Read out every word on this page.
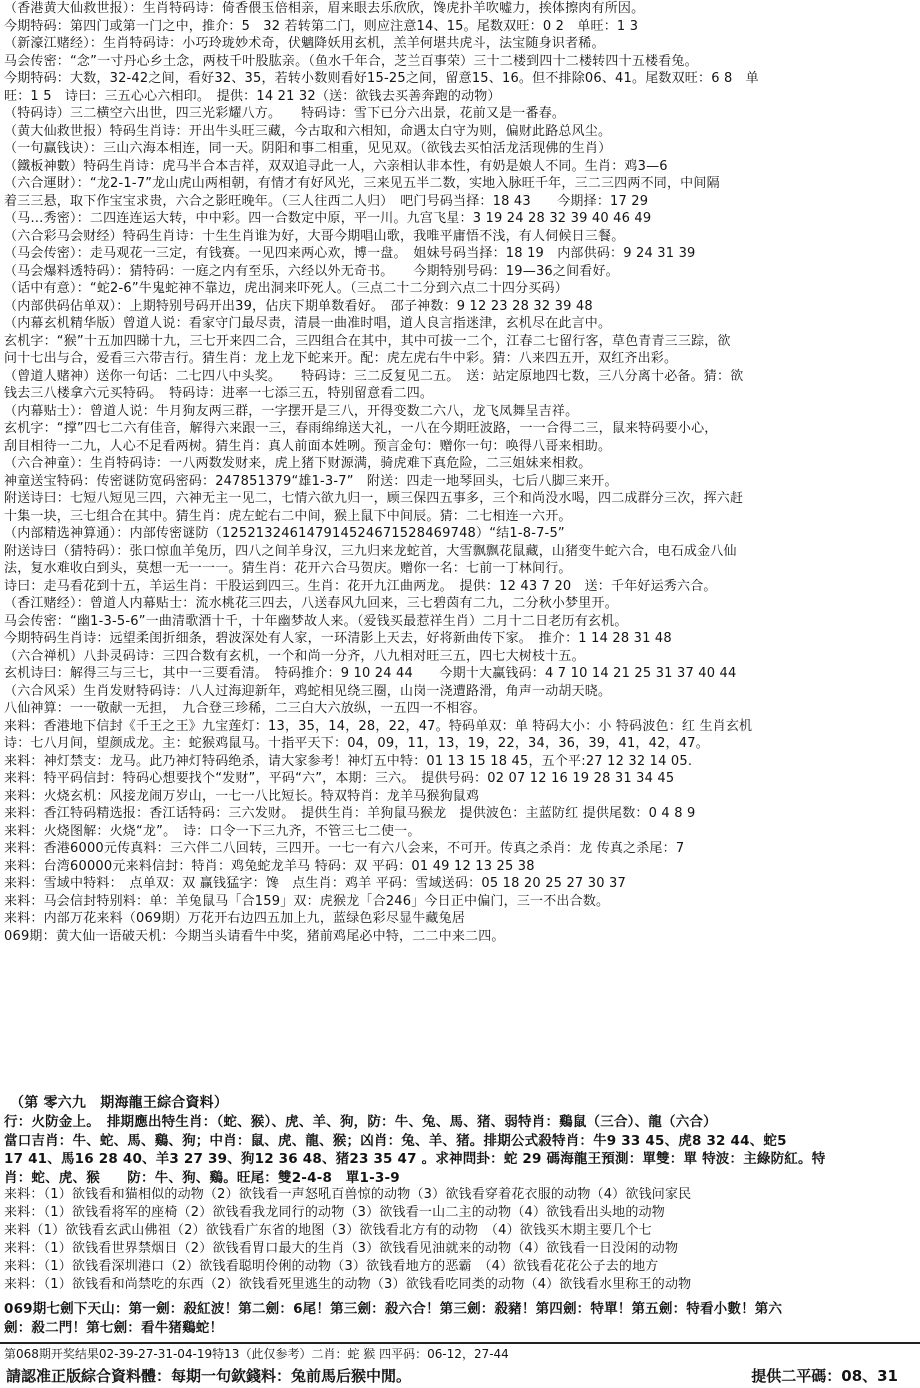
（香港黄大仙救世报）：生肖特码诗：倚香偎玉倍相亲，眉来眼去乐欣欣，馋虎扑羊吹嘘力，挨体擦肉有所因。
今期特码：第四门或第一门之中，推介：5　32 若转第二门，则应注意14、15。尾数双旺：0 2　单旺：1 3
（新濠江赌经）：生肖特码诗：小巧玲珑妙术奇，伏魑降妖用玄机，羔羊何堪共虎斗，法宝随身识者稀。
马会传密：“念”一寸丹心乡土念，两枝千叶股肱亲。（鱼水千年合，芝兰百事荣）三十二楼到四十二楼转四十五楼看兔。
今期特码：大数，32-42之间，看好32、35，若转小数则看好15-25之间，留意15、16。但不排除06、41。尾数双旺：6 8　单
旺：1 5　诗曰：三五心心六相印。　提供：14 21 32（送：欲钱去买善奔跑的动物）
（特码诗）三二横空六出世，四三光彩耀八方。　　特码诗：雪下已分六出景，花前又是一番春。
（黄大仙救世报）特码生肖诗：开出牛头旺三藏，今古取和六相知，命遇太白守为则，偏财此路总风尘。
（一句赢钱诀）：三山六海本相连，同一天。阴阳和事二相重，见见双。（欲钱去买怕活龙活现佛的生肖）
（鐵板神數）特码生肖诗：虎马半合本吉祥，双双追寻此一人，六亲相认非本性，有奶是娘人不同。生肖：鸡3—6
（六合運財）：“龙2-1-7”龙山虎山两相朝，有情才有好风光，三来见五半二数，实地入脉旺千年，三二三四两不同，中间隔
着三三悬，取下作宝宝求贵，六合之影旺晚年。（三人往西二人归）　吧门号码当择：18 43　　今期择：17 29
（马…秀密）：二四连连运大转，中中彩。四一合数定中原，平一川。九宫飞星：3 19 24 28 32 39 40 46 49
（六合彩马会财经）特码生肖诗：十生生肖谁为好，大哥今期唱山歌，我唯平庸悟不浅，有人伺候日三餐。
（马会传密）：走马观花一三定，有钱赛。一见四来两心欢，博一盘。　姐妹号码当择：18 19　内部供码：9 24 31 39
（马会爆料透特码）：猜特码：一庭之内有至乐，六经以外无奇书。　　今期特别号码：19—36之间看好。
（话中有意）：“蛇2-6”牛鬼蛇神不靠边，虎出洞来吓死人。（三点二十二分到六点二十四分买码）
（内部供码佔单双）：上期特别号码开出39，佔庆下期单数看好。　邵子神数：9 12 23 28 32 39 48
（内幕玄机精华版）曾道人说：看家守门最尽责，清晨一曲准时唱，道人良言指迷津，玄机尽在此言中。
玄机字：“猴”十五加四睇十九，三七开来四二合，三四组合在其中，其中可拔一二个，江春二七留行客，草色青青三三踪，欲
问十七出与合，爱看三六带吉行。猜生肖：龙上龙下蛇来开。配：虎左虎右牛中彩。猜：八来四五开，双红齐出彩。
（曾道人赌神）送你一句话：二七四八中头奖。　　特码诗：三二反复见二五。　送：站定原地四七数，三八分离十必备。猜：欲
钱去三八楼拿六元买特码。　特码诗：进率一七添三五，特别留意看二四。
（内幕贴士）：曾道人说：牛月狗友两三群，一字摆开是三八，开得变数二六八，龙飞凤舞呈吉祥。
玄机字：“撑”四七二六有佳音，解得六来跟一三，春雨绵绵送大礼，一八在今期旺波路，一一合得二三，鼠来特码要小心，
刮目相待一二九，人心不足看两树。猜生肖：真人前面本姓咧。预言金句：赠你一句：唤得八哥来相助。
（六合神童）：生肖特码诗：一八两数发财来，虎上猪下财源满，骑虎难下真危险，二三姐妹来相救。
神童送宝特码：传密谜防宽码密码：247851379“雄1-3-7”　附送：四走一地琴回头，七后八脚三来开。
附送诗曰：七短八短见三四，六神无主一见二，七情六欲九归一，顾三保四五事多，三个和尚没水喝，四二成群分三次，挥六赶
十集一块，三七组合在其中。猜生肖：虎左蛇右二中间，猴上鼠下中间辰。猜：二七相连一六开。
（内部精选神算通）：内部传密谜防（125213246147914524671528469748）“结1-8-7-5”
附送诗曰（猜特码）：张口惊血羊兔历，四八之间羊身汉，三九归来龙蛇首，大雪飘飘花鼠藏，山猪变牛蛇六合，电石成金八仙
法，复水难收白到头，莫想一无一一一。猜生肖：花开六合马贺庆。赠你一名：七前一丁林间行。
诗曰：走马看花到十五，羊运生肖：干股运到四三。生肖：花开九江曲两龙。　提供：12 43 7 20　送：千年好运秀六合。
（香江赌经）：曾道人内幕贴士：流水桃花三四去，八送春风九回来，三七碧茵有二九，二分秋小梦里开。
马会传密：“幽1-3-5-6”一曲清歌酒十千，十年幽梦故人来。（爱钱买最惹祥生肖）二月十二日老历有玄机。
今期特码生肖诗：远望柔闺折细条，碧波深处有人家，一环清影上天去，好将新曲传下家。　推介：1 14 28 31 48
（六合禅机）八卦灵码诗：三四合数有玄机，一个和尚一分齐，八九相对旺三五，四七大树枝十五。
玄机诗曰：解得三与三七，其中一三要看清。　特码推介：9 10 24 44　　今期十大赢钱码：4 7 10 14 21 25 31 37 40 44
（六合风采）生肖发财特码诗：八人过海迎新年，鸡蛇相见绕三圈，山岗一浇遭路滑，角声一动胡天晓。
八仙神算：一一敬献一无担，　九合登三珍稀，二三白大六放纵，一五四一不相容。
来料：香港地下信封《千王之王》九宝莲灯：13，35，14，28，22，47。特码单双：单 特码大小：小 特码波色：红 生肖玄机
诗：七八月间，望颜成龙。主：蛇猴鸡鼠马。十指平天下：04，09，11，13，19，22，34，36，39，41，42，47。
来料：神灯禁支：龙马。此乃神灯特码绝杀，请大家参考！神灯五中特：01 13 15 18 45，五个平:27 12 32 14 05.
来料：特平码信封：特码心想要找个“发财”，平码“六”，本期：三六。　提供号码：02 07 12 16 19 28 31 34 45
来料：火烧玄机：风接龙闹万岁山，一七一八比短长。特双特肖：龙羊马猴狗鼠鸡
来料：香江特码精选报：香江话特码：三六发财。　提供生肖：羊狗鼠马猴龙　提供波色：主蓝防红 提供尾数：0 4 8 9
来料：火烧图解：火烧“龙”。　诗：口令一下三九齐，不管三七二使一。
来料：香港6000元传真料：三六伴二八回转，三四开。一七一有六八会来，不可开。传真之杀肖：龙 传真之杀尾：7
来料：台湾60000元来料信封：特肖：鸡兔蛇龙羊马 特码：双 平码：01 49 12 13 25 38
来料：雪域中特料：　点单双：双 赢钱猛字：馋　点生肖：鸡羊 平码：雪域送码：05 18 20 25 27 30 37
来料：马会信封特别料：单：羊兔鼠马「合159」双：虎猴龙「合246」今日正中偏门，三一不出合数。
来料：内部万花来料（069期）万花开右边四五加上九，蓝绿色彩尽显牛藏兔居
069期：黄大仙一语破天机：今期当头请看牛中奖，猪前鸡尾必中特，二二中来二四。
（第 零六九　期海龍王綜合資料）
行：火防金上。　排期應出特生肖：（蛇、猴）、虎、羊、狗，防：牛、兔、馬、猪、弱特肖：鷄鼠（三合）、龍（六合）
當口吉肖：牛、蛇、馬、鷄、狗；中肖：鼠、虎、龍、猴；凶肖：兔、羊、猪。排期公式殺特肖：牛9 33 45、虎8 32 44、蛇5
17 41、馬16 28 40、羊3 27 39、狗12 36 48、猪23 35 47 。求神問卦：蛇 29 碼海龍王預測：單雙：單 特波：主綠防紅。特
肖：蛇、虎、猴　　防：牛、狗、鷄。旺尾：雙2-4-8　單1-3-9
来料：（1）欲钱看和猫相似的动物（2）欲钱看一声怒吼百兽惊的动物（3）欲钱看穿着花衣服的动物（4）欲钱问家民
来料：（1）欲钱看将军的座椅（2）欲钱看我龙同行的动物（3）欲钱看一山二主的动物（4）欲钱看出头地的动物
来料（1）欲钱看玄武山佛祖（2）欲钱看广东省的地图（3）欲钱看北方有的动物　（4）欲钱买木期主要几个七
来料：（1）欲钱看世界禁烟日（2）欲钱看胃口最大的生肖（3）欲钱看见油就来的动物（4）欲钱看一日没闲的动物
来料：（1）欲钱看深圳港口（2）欲钱看聪明伶俐的动物（3）欲钱看地方的恶霸　（4）欲钱看花花公子去的地方
来料：（1）欲钱看和尚禁吃的东西（2）欲钱看死里逃生的动物（3）欲钱看吃同类的动物（4）欲钱看水里称王的动物
069期七劍下天山：第一劍：殺紅波！第二劍：6尾！第三劍：殺六合！第三劍：殺豬！第四劍：特單！第五劍：特看小數！第六
劍：殺二門！第七劍：看牛猪鷄蛇！
第068期开奖结果02-39-27-31-04-19特13（此仅参考）二肖：蛇 猴 四平码：06-12，27-44
請認准正版綜合資料體：每期一句欽錢料：兔前馬后猴中閒。	提供二平碼：08、31
